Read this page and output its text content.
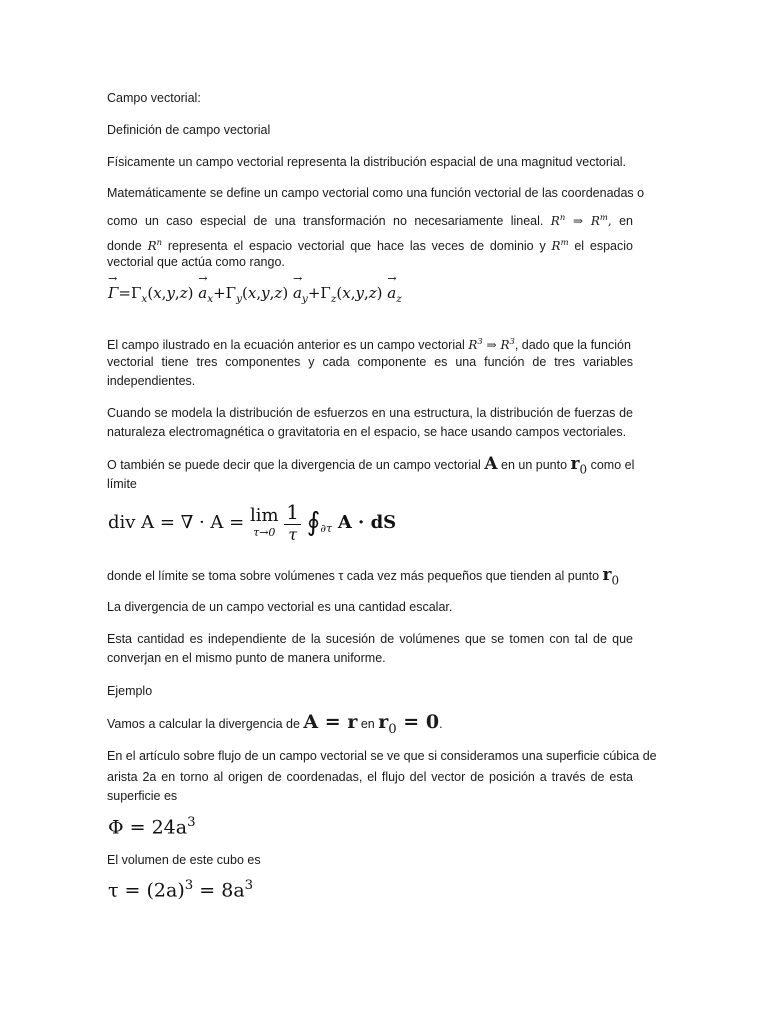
Campo vectorial:
Definición de campo vectorial
Físicamente un campo vectorial representa la distribución espacial de una magnitud vectorial.
Matemáticamente se define un campo vectorial como una función vectorial de las coordenadas o
como un caso especial de una transformación no necesariamente lineal. $R^n$ ⇒ $R^m$, en
donde $R^n$ representa el espacio vectorial que hace las veces de dominio y $R^m$ el espacio
vectorial que actúa como rango.
→ $\Gamma=\Gamma_x(x,y,z) \to a_x+\Gamma_y(x,y,z) \to a_y+\Gamma_z(x,y,z) \to a_z$
El campo ilustrado en la ecuación anterior es un campo vectorial $R^3$ ⇒ $R^3$, dado que la función
vectorial tiene tres componentes y cada componente es una función de tres variables
independientes.
Cuando se modela la distribución de esfuerzos en una estructura, la distribución de fuerzas de
naturaleza electromagnética o gravitatoria en el espacio, se hace usando campos vectoriales.
O también se puede decir que la divergencia de un campo vectorial A en un punto $r_0$ como el
límite
div A = ∇ · A = lim
τ→0
$\frac{1}{\tau}$ $∮_{\partial\tau}$ A · dS
donde el límite se toma sobre volúmenes τ cada vez más pequeños que tienden al punto $r_0$
La divergencia de un campo vectorial es una cantidad escalar.
Esta cantidad es independiente de la sucesión de volúmenes que se tomen con tal de que
converjan en el mismo punto de manera uniforme.
Ejemplo
Vamos a calcular la divergencia de A = r en $r_0 = 0$.
En el artículo sobre flujo de un campo vectorial se ve que si consideramos una superficie cúbica de
arista 2a en torno al origen de coordenadas, el flujo del vector de posición a través de esta
superficie es
$\Phi = 24a^3$
El volumen de este cubo es
$\tau = (2a)^3 = 8a^3$
